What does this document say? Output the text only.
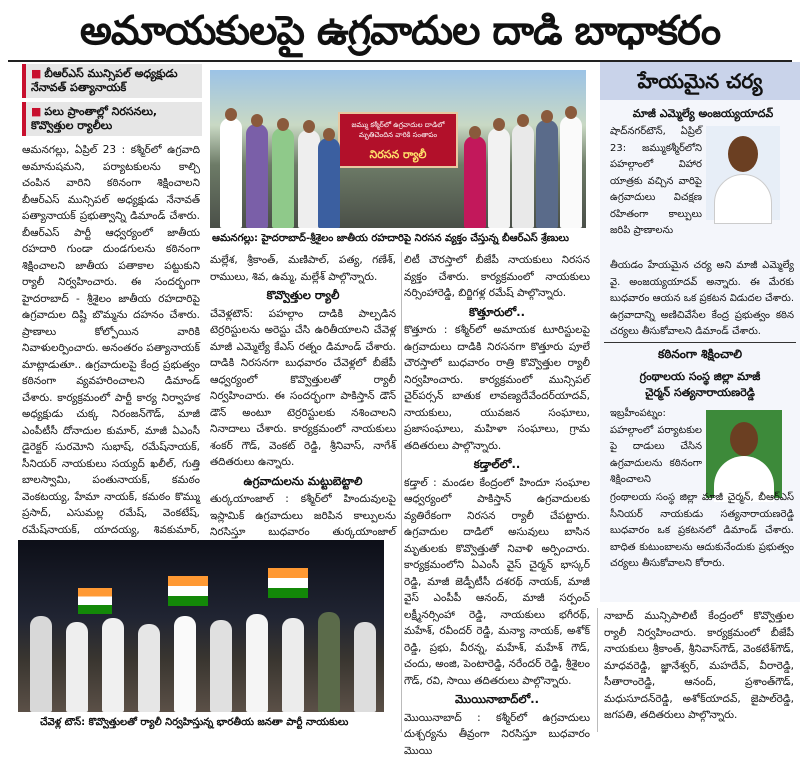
అమాయకులపై ఉగ్రవాదుల దాడి బాధాకరం
■ బీఆర్‌ఎస్‌ మున్సిపల్‌ అధ్యక్షుడు నేనావత్‌ పత్యానాయక్‌
■ పలు ప్రాంతాల్లో నిరసనలు, కొవ్వొత్తుల ర్యాలీలు

ఆమనగల్లు, ఏప్రిల్‌ 23 : కశ్మీర్‌లో ఉగ్రవాది అమానుషమని, పర్యాటకులను కాల్చి చంపిన వారిని కఠినంగా శిక్షించాలని బీఆర్‌ఎస్‌ మున్సిపల్‌ అధ్యక్షుడు నేనావత్‌ పత్యానాయక్‌ ప్రభుత్వాన్ని డిమాండ్‌ చేశారు. బీఆర్‌ఎస్‌ పార్టీ ఆధ్వర్యంలో జాతీయ రహదారి గుండా దుండగులను కఠినంగా శిక్షించాలని జాతీయ పతాకాల పట్టుకుని ర్యాలీ నిర్వహించారు. ఈ సందర్భంగా హైదరాబాద్‌ - శ్రీశైలం జాతీయ రహదారిపై ఉగ్రవాదుల దిష్టి బొమ్మను దహనం చేశారు. ప్రాణాలు కోల్పోయిన వారికి నివాళులర్పించారు. అనంతరం పత్యానాయక్‌ మాట్లాడుతూ.. ఉగ్రవాదులపై కేంద్ర ప్రభుత్వం కఠినంగా వ్యవహరించాలని డిమాండ్‌ చేశారు. కార్యక్రమంలో పార్టీ కార్య నిర్వాహక అధ్యక్షుడు చుక్క నిరంజన్‌గౌడ్‌, మాజీ ఎంపీటీసీ దోనాదుల కుమార్‌, మాజీ ఏఎంసీ డైరెక్టర్‌ సురమోని సుభాష్‌, రమేష్‌నాయక్‌, సీనియర్‌ నాయకులు సయ్యద్‌ ఖలీల్‌, గుత్తి బాలస్వామి, పంతునాయక్‌, కమఠం వెంకటయ్య, హేమా నాయక్‌, కమఠం కొమ్ము ప్రసాద్‌, ఎసుమల్ల రమేష్‌, వెంకటేష్‌, రమేష్‌నాయక్‌, యాదయ్య, శివకుమార్‌,

జమ్ము కశ్మీర్‌లో ఉగ్రవాదుల దాడిలో మృతిచెందిన వారికి సంతాపం
నిరసన ర్యాలీ
ఆమనగల్లు: హైదరాబాద్‌-శ్రీశైలం జాతీయ రహదారిపై నిరసన వ్యక్తం చేస్తున్న బీఆర్‌ఎస్‌ శ్రేణులు

మల్లేశ, శ్రీకాంత్‌, మణిపాల్‌, పత్య, గణేశ్‌, రాములు, శివ, ఉమ్మ, మల్లేశ్‌ పాల్గొన్నారు.

కొవ్వొత్తుల ర్యాలీ

చేవెళ్లటౌన్‌: పహల్గాం దాడికి పాల్పడిన టెర్రరిస్టులను అరెస్టు చేసి ఉరితీయాలని చేవెళ్ల మాజీ ఎమ్మెల్యే కేఎస్‌ రత్నం డిమాండ్‌ చేశారు. దాడికి నిరసనగా బుధవారం చేవెళ్లలో బీజేపీ ఆధ్వర్యంలో కొవ్వొత్తులతో ర్యాలీ నిర్వహించారు. ఈ సందర్భంగా పాకిస్తాన్‌ డౌన్‌ డౌన్‌ అంటూ టెర్రరిస్టులకు నశించాలని నినాదాలు చేశారు. కార్యక్రమంలో నాయకులు శంకర్‌ గౌడ్‌, వెంకట్‌ రెడ్డి, శ్రీనివాస్‌, నాగేశ్‌ తదితరులు ఉన్నారు.

ఉగ్రవాదులను మట్టుబెట్టాలి

తుర్కయాంజాల్‌ : కశ్మీర్‌లో హిందువులపై ఇస్లామిక్‌ ఉగ్రవాదులు జరిపిన కాల్పులను నిరసిస్తూ బుధవారం తుర్కయాంజాల్‌

లిటీ చౌరస్తాలో బీజేపీ నాయకులు నిరసన వ్యక్తం చేశారు. కార్యక్రమంలో నాయకులు నర్సింహారెడ్డి, బిర్జిగళ్ల రమేష్‌ పాల్గొన్నారు.

కొత్తూరులో..

కొత్తూరు : కశ్మీర్‌లో అమాయక టూరిస్టులపై ఉగ్రవాదులు దాడికి నిరసనగా కొత్తూరు పూలే చౌరస్తాలో బుధవారం రాత్రి కొవ్వొత్తుల ర్యాలీ నిర్వహించారు. కార్యక్రమంలో మున్సిపల్‌ చైర్‌పర్సన్‌ బాతుక లావణ్యదేవేందర్‌యాదవ్‌, నాయకులు, యువజన సంఘాలు, ప్రజాసంఘాలు, మహిళా సంఘాలు, గ్రామ తదితరులు పాల్గొన్నారు.

కడ్తాల్‌లో..

కడ్తాల్‌ : మండల కేంద్రంలో హిందూ సంఘాల ఆధ్వర్యంలో పాకిస్తాన్‌ ఉగ్రవాదులకు వ్యతిరేకంగా నిరసన ర్యాలీ చేపట్టారు. ఉగ్రవాదుల దాడిలో అసువులు బాసిన మృతులకు కొవ్వొత్తుతో నివాళి అర్పించారు. కార్యక్రమంలోని ఏఎంసీ వైస్‌ చైర్మన్‌ భాస్కర్‌ రెడ్డి, మాజీ జెడ్పీటీసీ దశరథ్‌ నాయక్‌, మాజీ వైస్‌ ఎంపీపీ ఆనంద్‌, మాజీ సర్పంచ్‌ లక్ష్మీనర్సింహా రెడ్డి, నాయకులు భగీరథ్‌, మహేశ్‌, రవీందర్‌ రెడ్డి, మన్యా నాయక్‌, అశోక్‌ రెడ్డి, ప్రభు, వీరన్న, మహేశ్‌, మహేశ్‌ గౌడ్‌, చందు, అంజి, పెంటారెడ్డి, నరేందర్‌ రెడ్డి, శ్రీశైలం గౌడ్‌, రవి, సాయి తదితరులు పాల్గొన్నారు.

మొయినాబాద్‌లో..

మొయినాబాద్‌ : కశ్మీర్‌లో ఉగ్రవాదులు దుశ్చర్యను తీవ్రంగా నిరసిస్తూ బుధవారం మొయి

చేవెళ్ల టౌన్‌: కొవ్వొత్తులతో ర్యాలీ నిర్వహిస్తున్న భారతీయ జనతా పార్టీ నాయకులు
హేయమైన చర్య
మాజీ ఎమ్మెల్యే అంజయ్యయాదవ్‌

షాద్‌నగర్‌టౌన్‌, ఏప్రిల్‌ 23: జమ్ముకశ్మీర్‌లోని పహల్గాంలో విహార యాత్రకు వచ్చిన వారిపై ఉగ్రవాదులు విచక్షణ రహితంగా కాల్పులు జరిపి ప్రాణాలను

తీయడం హేయమైన చర్య అని మాజీ ఎమ్మెల్యే వై. అంజయ్యయాదవ్‌ అన్నారు. ఈ మేరకు బుధవారం ఆయన ఒక ప్రకటన విడుదల చేశారు. ఉగ్రవాదాన్ని అణిచివేసేల కేంద్ర ప్రభుత్వం కఠిన చర్యలు తీసుకోవాలని డిమాండ్‌ చేశారు.

కఠినంగా శిక్షించాలి
గ్రంథాలయ సంస్థ జిల్లా మాజీ
చైర్మన్‌ సత్యనారాయణరెడ్డి

ఇబ్రహీంపట్నం: పహల్గాంలో పర్యాటకుల పై దాడులు చేసిన ఉగ్రవాదులను కఠినంగా శిక్షించాలని

గ్రంథాలయ సంస్థ జిల్లా మాజీ చైర్మన్‌, బీఆర్‌ఎస్‌ సీనియర్‌ నాయకుడు సత్యనారాయణరెడ్డి బుధవారం ఒక ప్రకటనలో డిమాండ్‌ చేశారు. బాధిత కుటుంబాలను ఆదుకునేందుకు ప్రభుత్వం చర్యలు తీసుకోవాలని కోరారు.

నాబాద్‌ మున్సిపాలిటీ కేంద్రంలో కొవ్వొత్తుల ర్యాలీ నిర్వహించారు. కార్యక్రమంలో బీజేపీ నాయకులు శ్రీకాంత్‌, శ్రీనివాస్‌గౌడ్‌, వెంకటేశ్‌గౌడ్‌, మాధవరెడ్డి, జ్ఞానేశ్వర్‌, మహదేవ్‌, వీరారెడ్డి, సీతారాంరెడ్డి, ఆనంద్‌, ప్రశాంత్‌గౌడ్‌, మధుసూదన్‌రెడ్డి, అశోక్‌యాదవ్‌, జైపాల్‌రెడ్డి, జగపతి, తదితరులు పాల్గొన్నారు.
